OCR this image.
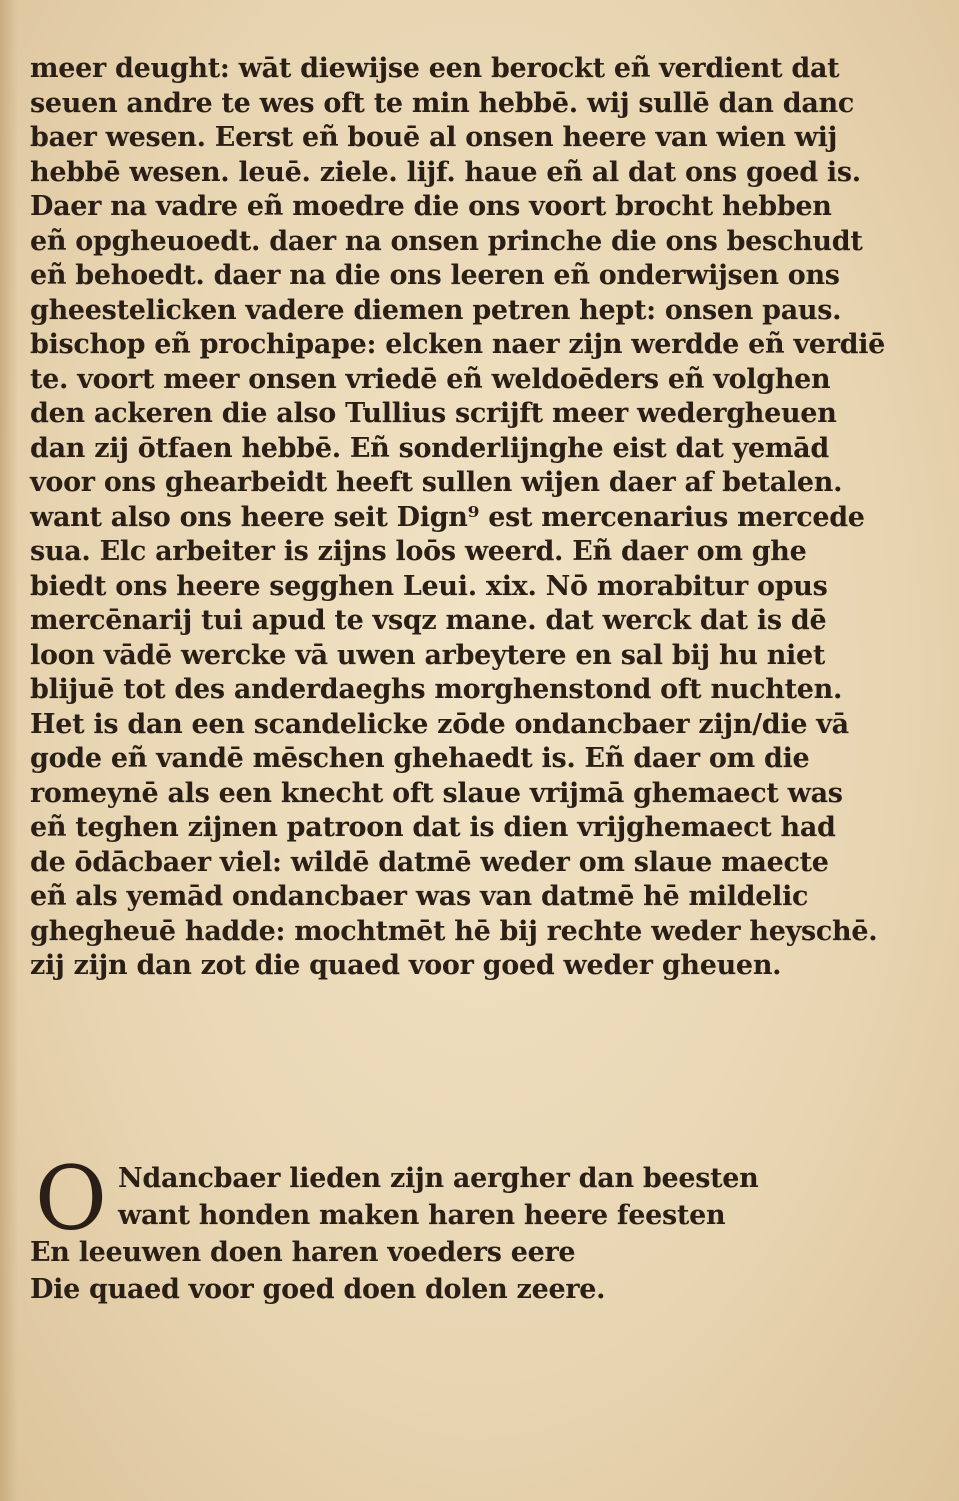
meer deught: wāt diewijse een berockt eñ verdient dat
seuen andre te wes oft te min hebbē. wij sullē dan danc
baer wesen. Eerst eñ bouē al onsen heere van wien wij
hebbē wesen. leuē. ziele. lijf. haue eñ al dat ons goed is.
Daer na vadre eñ moedre die ons voort brocht hebben
eñ opgheuoedt. daer na onsen prinche die ons beschudt
eñ behoedt. daer na die ons leeren eñ onderwijsen ons
gheestelicken vadere diemen petren hept: onsen paus.
bischop eñ prochipape: elcken naer zijn werdde eñ verdiē
te. voort meer onsen vriedē eñ weldoēders eñ volghen
den ackeren die also Tullius scrijft meer wedergheuen
dan zij ōtfaen hebbē. Eñ sonderlijnghe eist dat yemād
voor ons ghearbeidt heeft sullen wijen daer af betalen.
want also ons heere seit Dign⁹ est mercenarius mercede
sua. Elc arbeiter is zijns loōs weerd. Eñ daer om ghe
biedt ons heere segghen Leui. xix. Nō morabitur opus
mercēnarij tui apud te vsqz mane. dat werck dat is dē
loon vādē wercke vā uwen arbeytere en sal bij hu niet
blijuē tot des anderdaeghs morghenstond oft nuchten.
Het is dan een scandelicke zōde ondancbaer zijn/die vā
gode eñ vandē mēschen ghehaedt is. Eñ daer om die
romeynē als een knecht oft slaue vrijmā ghemaect was
eñ teghen zijnen patroon dat is dien vrijghemaect had
de ōdācbaer viel: wildē datmē weder om slaue maecte
eñ als yemād ondancbaer was van datmē hē mildelic
ghegheuē hadde: mochtmēt hē bij rechte weder heyschē.
zij zijn dan zot die quaed voor goed weder gheuen.
O Ndancbaer lieden zijn aergher dan beesten
want honden maken haren heere feesten
En leeuwen doen haren voeders eere
Die quaed voor goed doen dolen zeere.
